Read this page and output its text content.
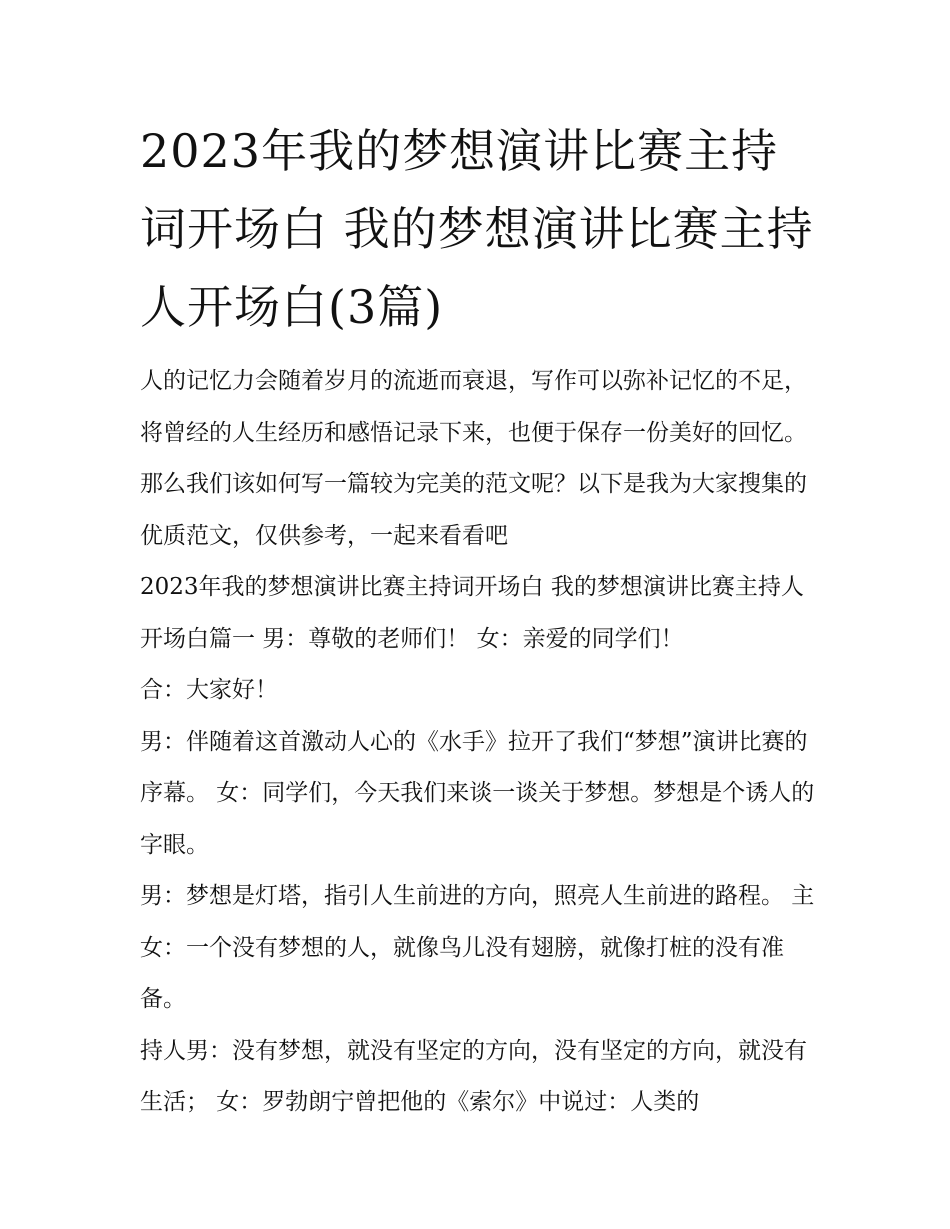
2023年我的梦想演讲比赛主持词开场白 我的梦想演讲比赛主持人开场白(3篇)

人的记忆力会随着岁月的流逝而衰退，写作可以弥补记忆的不足，将曾经的人生经历和感悟记录下来，也便于保存一份美好的回忆。那么我们该如何写一篇较为完美的范文呢？以下是我为大家搜集的优质范文，仅供参考，一起来看看吧

2023年我的梦想演讲比赛主持词开场白 我的梦想演讲比赛主持人开场白篇一 男：尊敬的老师们！ 女：亲爱的同学们！

合：大家好！

男：伴随着这首激动人心的《水手》拉开了我们“梦想”演讲比赛的序幕。 女：同学们，今天我们来谈一谈关于梦想。梦想是个诱人的字眼。

男：梦想是灯塔，指引人生前进的方向，照亮人生前进的路程。 主女：一个没有梦想的人，就像鸟儿没有翅膀，就像打桩的没有准备。

持人男：没有梦想，就没有坚定的方向，没有坚定的方向，就没有生活； 女：罗勃朗宁曾把他的《索尔》中说过：人类的
